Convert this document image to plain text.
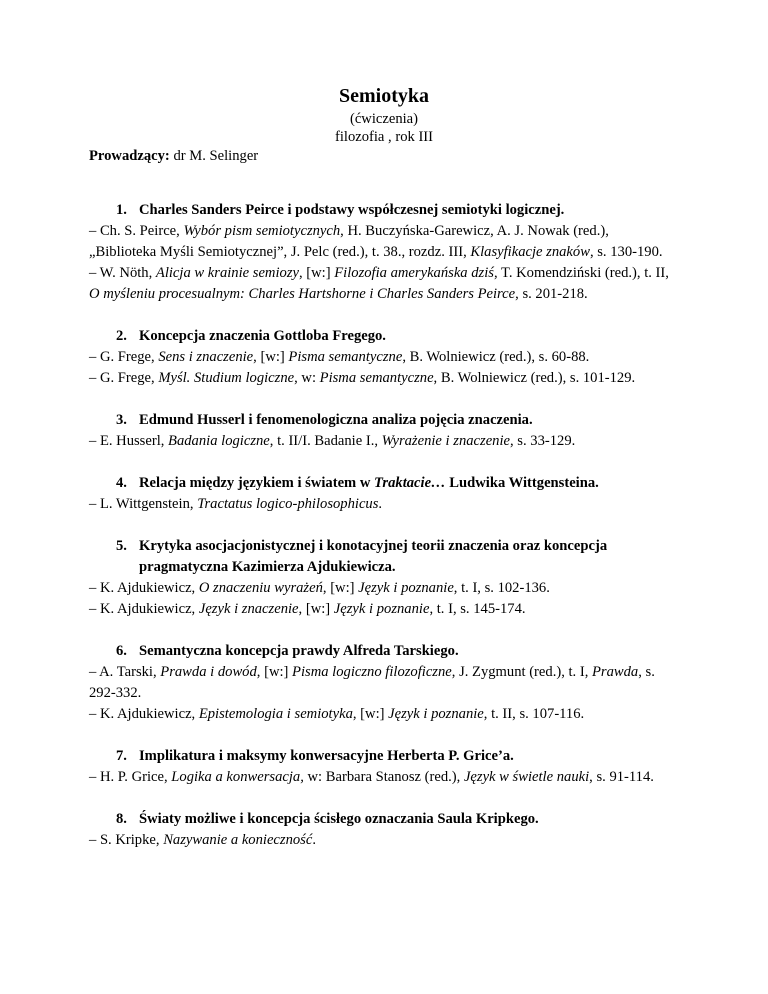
Semiotyka
(ćwiczenia)
filozofia , rok III
Prowadzący: dr M. Selinger
1. Charles Sanders Peirce i podstawy współczesnej semiotyki logicznej.
– Ch. S. Peirce, Wybór pism semiotycznych, H. Buczyńska-Garewicz, A. J. Nowak (red.), „Biblioteka Myśli Semiotycznej”, J. Pelc (red.), t. 38., rozdz. III, Klasyfikacje znaków, s. 130-190.
– W. Nöth, Alicja w krainie semiozy, [w:] Filozofia amerykańska dziś, T. Komendziński (red.), t. II, O myśleniu procesualnym: Charles Hartshorne i Charles Sanders Peirce, s. 201-218.
2. Koncepcja znaczenia Gottloba Fregego.
– G. Frege, Sens i znaczenie, [w:] Pisma semantyczne, B. Wolniewicz (red.), s. 60-88.
– G. Frege, Myśl. Studium logiczne, w: Pisma semantyczne, B. Wolniewicz (red.), s. 101-129.
3. Edmund Husserl i fenomenologiczna analiza pojęcia znaczenia.
– E. Husserl, Badania logiczne, t. II/I. Badanie I., Wyrażenie i znaczenie, s. 33-129.
4. Relacja między językiem i światem w Traktacie… Ludwika Wittgensteina.
– L. Wittgenstein, Tractatus logico-philosophicus.
5. Krytyka asocjacjonistycznej i konotacyjnej teorii znaczenia oraz koncepcja pragmatyczna Kazimierza Ajdukiewicza.
– K. Ajdukiewicz, O znaczeniu wyrażeń, [w:] Język i poznanie, t. I, s. 102-136.
– K. Ajdukiewicz, Język i znaczenie, [w:] Język i poznanie, t. I, s. 145-174.
6. Semantyczna koncepcja prawdy Alfreda Tarskiego.
– A. Tarski, Prawda i dowód, [w:] Pisma logiczno filozoficzne, J. Zygmunt (red.), t. I, Prawda, s. 292-332.
– K. Ajdukiewicz, Epistemologia i semiotyka, [w:] Język i poznanie, t. II, s. 107-116.
7. Implikatura i maksymy konwersacyjne Herberta P. Grice’a.
– H. P. Grice, Logika a konwersacja, w: Barbara Stanosz (red.), Język w świetle nauki, s. 91-114.
8. Światy możliwe i koncepcja ścisłego oznaczania Saula Kripkego.
– S. Kripke, Nazywanie a konieczność.
